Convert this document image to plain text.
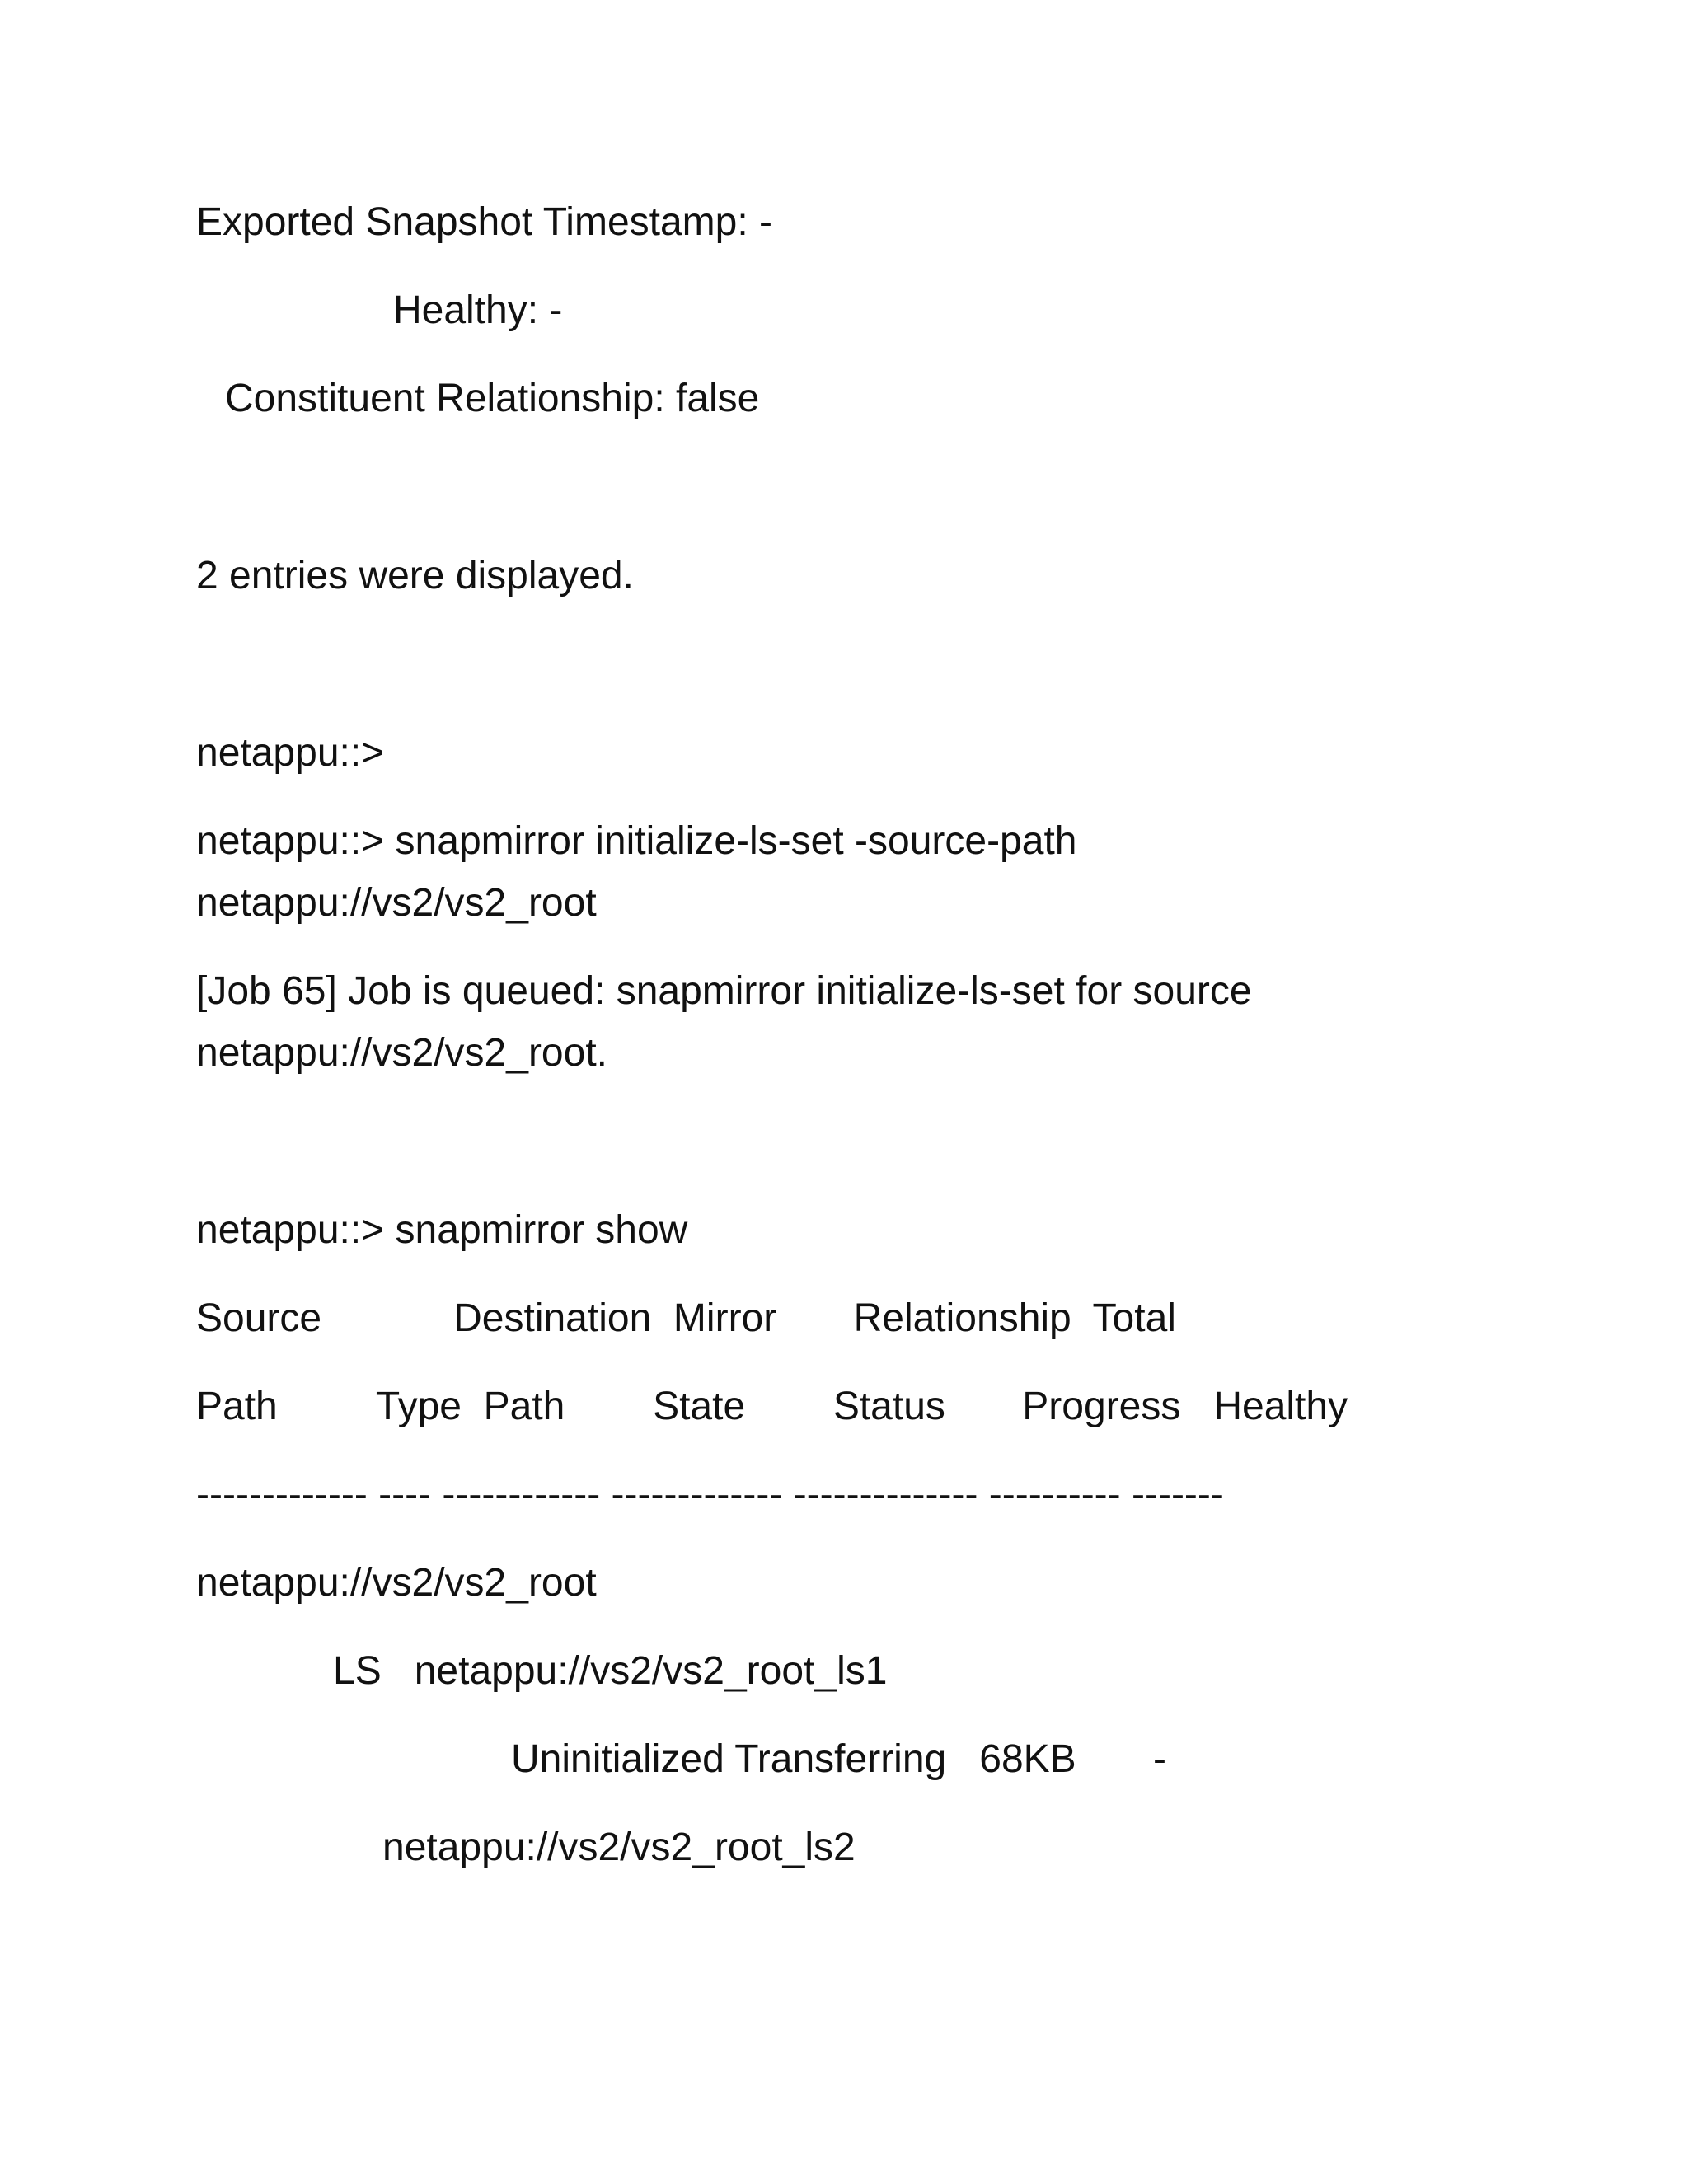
Exported Snapshot Timestamp: -
Healthy: -
Constituent Relationship: false
2 entries were displayed.
netappu::>
netappu::> snapmirror initialize-ls-set -source-path
netappu://vs2/vs2_root
[Job 65] Job is queued: snapmirror initialize-ls-set for source
netappu://vs2/vs2_root.
netappu::> snapmirror show
Source            Destination  Mirror       Relationship  Total
Path         Type  Path        State        Status       Progress   Healthy
------------- ---- ------------ ------------- -------------- ---------- -------
netappu://vs2/vs2_root
LS   netappu://vs2/vs2_root_ls1
Uninitialized Transferring   68KB       -
netappu://vs2/vs2_root_ls2
